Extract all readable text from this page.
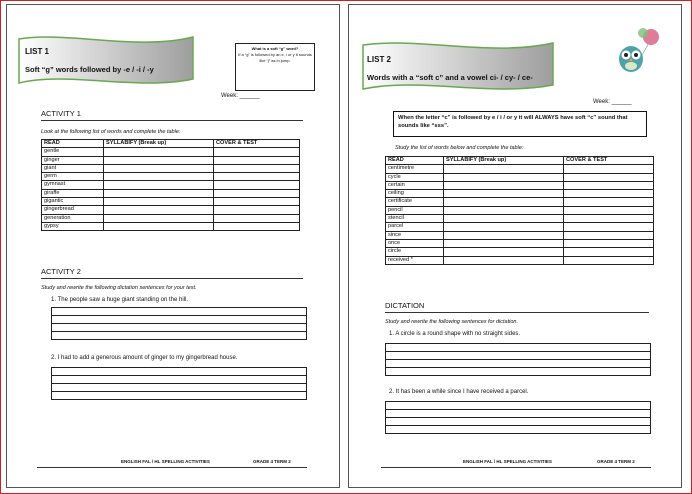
LIST 1
Soft “g” words followed by -e / -i / -y
What is a soft “g” word?
If a “g” is followed by an e, i or y it sounds like “j” as in jump.
Week: ______
ACTIVITY 1
Look at the following list of words and complete the table:
READ	SYLLABIFY (Break up)	COVER & TEST
gentle		
ginger		
giant		
germ		
gymnast		
giraffe		
gigantic		
gingerbread		
generation		
gypsy		
ACTIVITY 2
Study and rewrite the following dictation sentences for your test.
1. The people saw a huge giant standing on the hill.

2. I had to add a generous amount of ginger to my gingerbread house.

ENGLISH FAL / HL SPELLING ACTIVITIES	GRADE 4 TERM 2
LIST 2
Words with a “soft c” and a vowel ci- / cy- / ce-
Week: ______
When the letter “c” is followed by e / i / or y it will ALWAYS have soft “c” sound that sounds like “sss”.
Study the list of words below and complete the table:
READ	SYLLABIFY (Break up)	COVER & TEST
centimetre		
cycle		
certain		
ceiling		
certificate		
pencil		
stencil		
parcel		
since		
once		
circle		
received *		
DICTATION
Study and rewrite the following sentences for dictation.
1. A circle is a round shape with no straight sides.

2. It has been a while since I have received a parcel.

ENGLISH FAL / HL SPELLING ACTIVITIES	GRADE 4 TERM 2
